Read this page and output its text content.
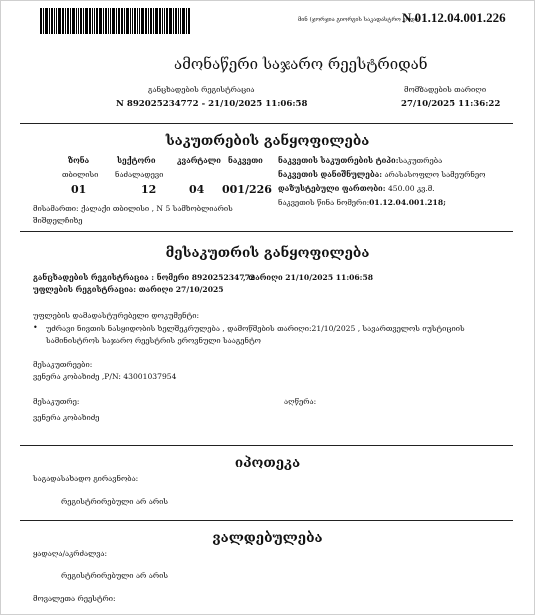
მინ (ჯორჯია გიორგის საკადასტრო კოდი)
N 01.12.04.001.226
ამონაწერი საჯარო რეესტრიდან
განცხადების რეგისტრაცია
N 892025234772 - 21/10/2025 11:06:58
მომზადების თარიღი
27/10/2025 11:36:22
საკუთრების განყოფილება
ზონა	სექტორი	კვარტალი ნაკვეთი
თბილისი ნაძალადევი
01	12	04 001/226
ნაკვეთის საკუთრების ტიპი:საკუთრება
ნაკვეთის დანიშნულება: არასასოფლო სამეურნეო
დაზუსტებული ფართობი: 450.00 კვ.მ.
ნაკვეთის წინა ნომერი:01.12.04.001.218;
მისამართი: ქალაქი თბილისი , N 5 სამხობლიარის
შიშდელჩიხე
მესაკუთრის განყოფილება
განცხადების რეგისტრაცია : ნომერი 892025234772
, თარიღი 21/10/2025 11:06:58
უფლების რეგისტრაცია: თარიღი 27/10/2025
უფლების დამადასტურებელი დოკუმენტი:
• უძრავი ნივთის ნასყიდობის ხელშეკრულება , დამოწმების თარიღი:21/10/2025 , სავართველოს იუსტიციის
სამინისტროს საჯარო რეესტრის ეროვნული სააგენტო
მესაკუთრეები:
ვენერა კობახიძე ,P/N: 43001037954
მესაკუთრე:	აღწერა:
ვენერა კობახიძე
იპოთეკა
საგადასახადო გირავნობა:
რეგისტრირებული არ არის
ვალდებულება
ყადაღა/აკრძალვა:
რეგისტრირებული არ არის
მოვალეთა რეესტრი:
